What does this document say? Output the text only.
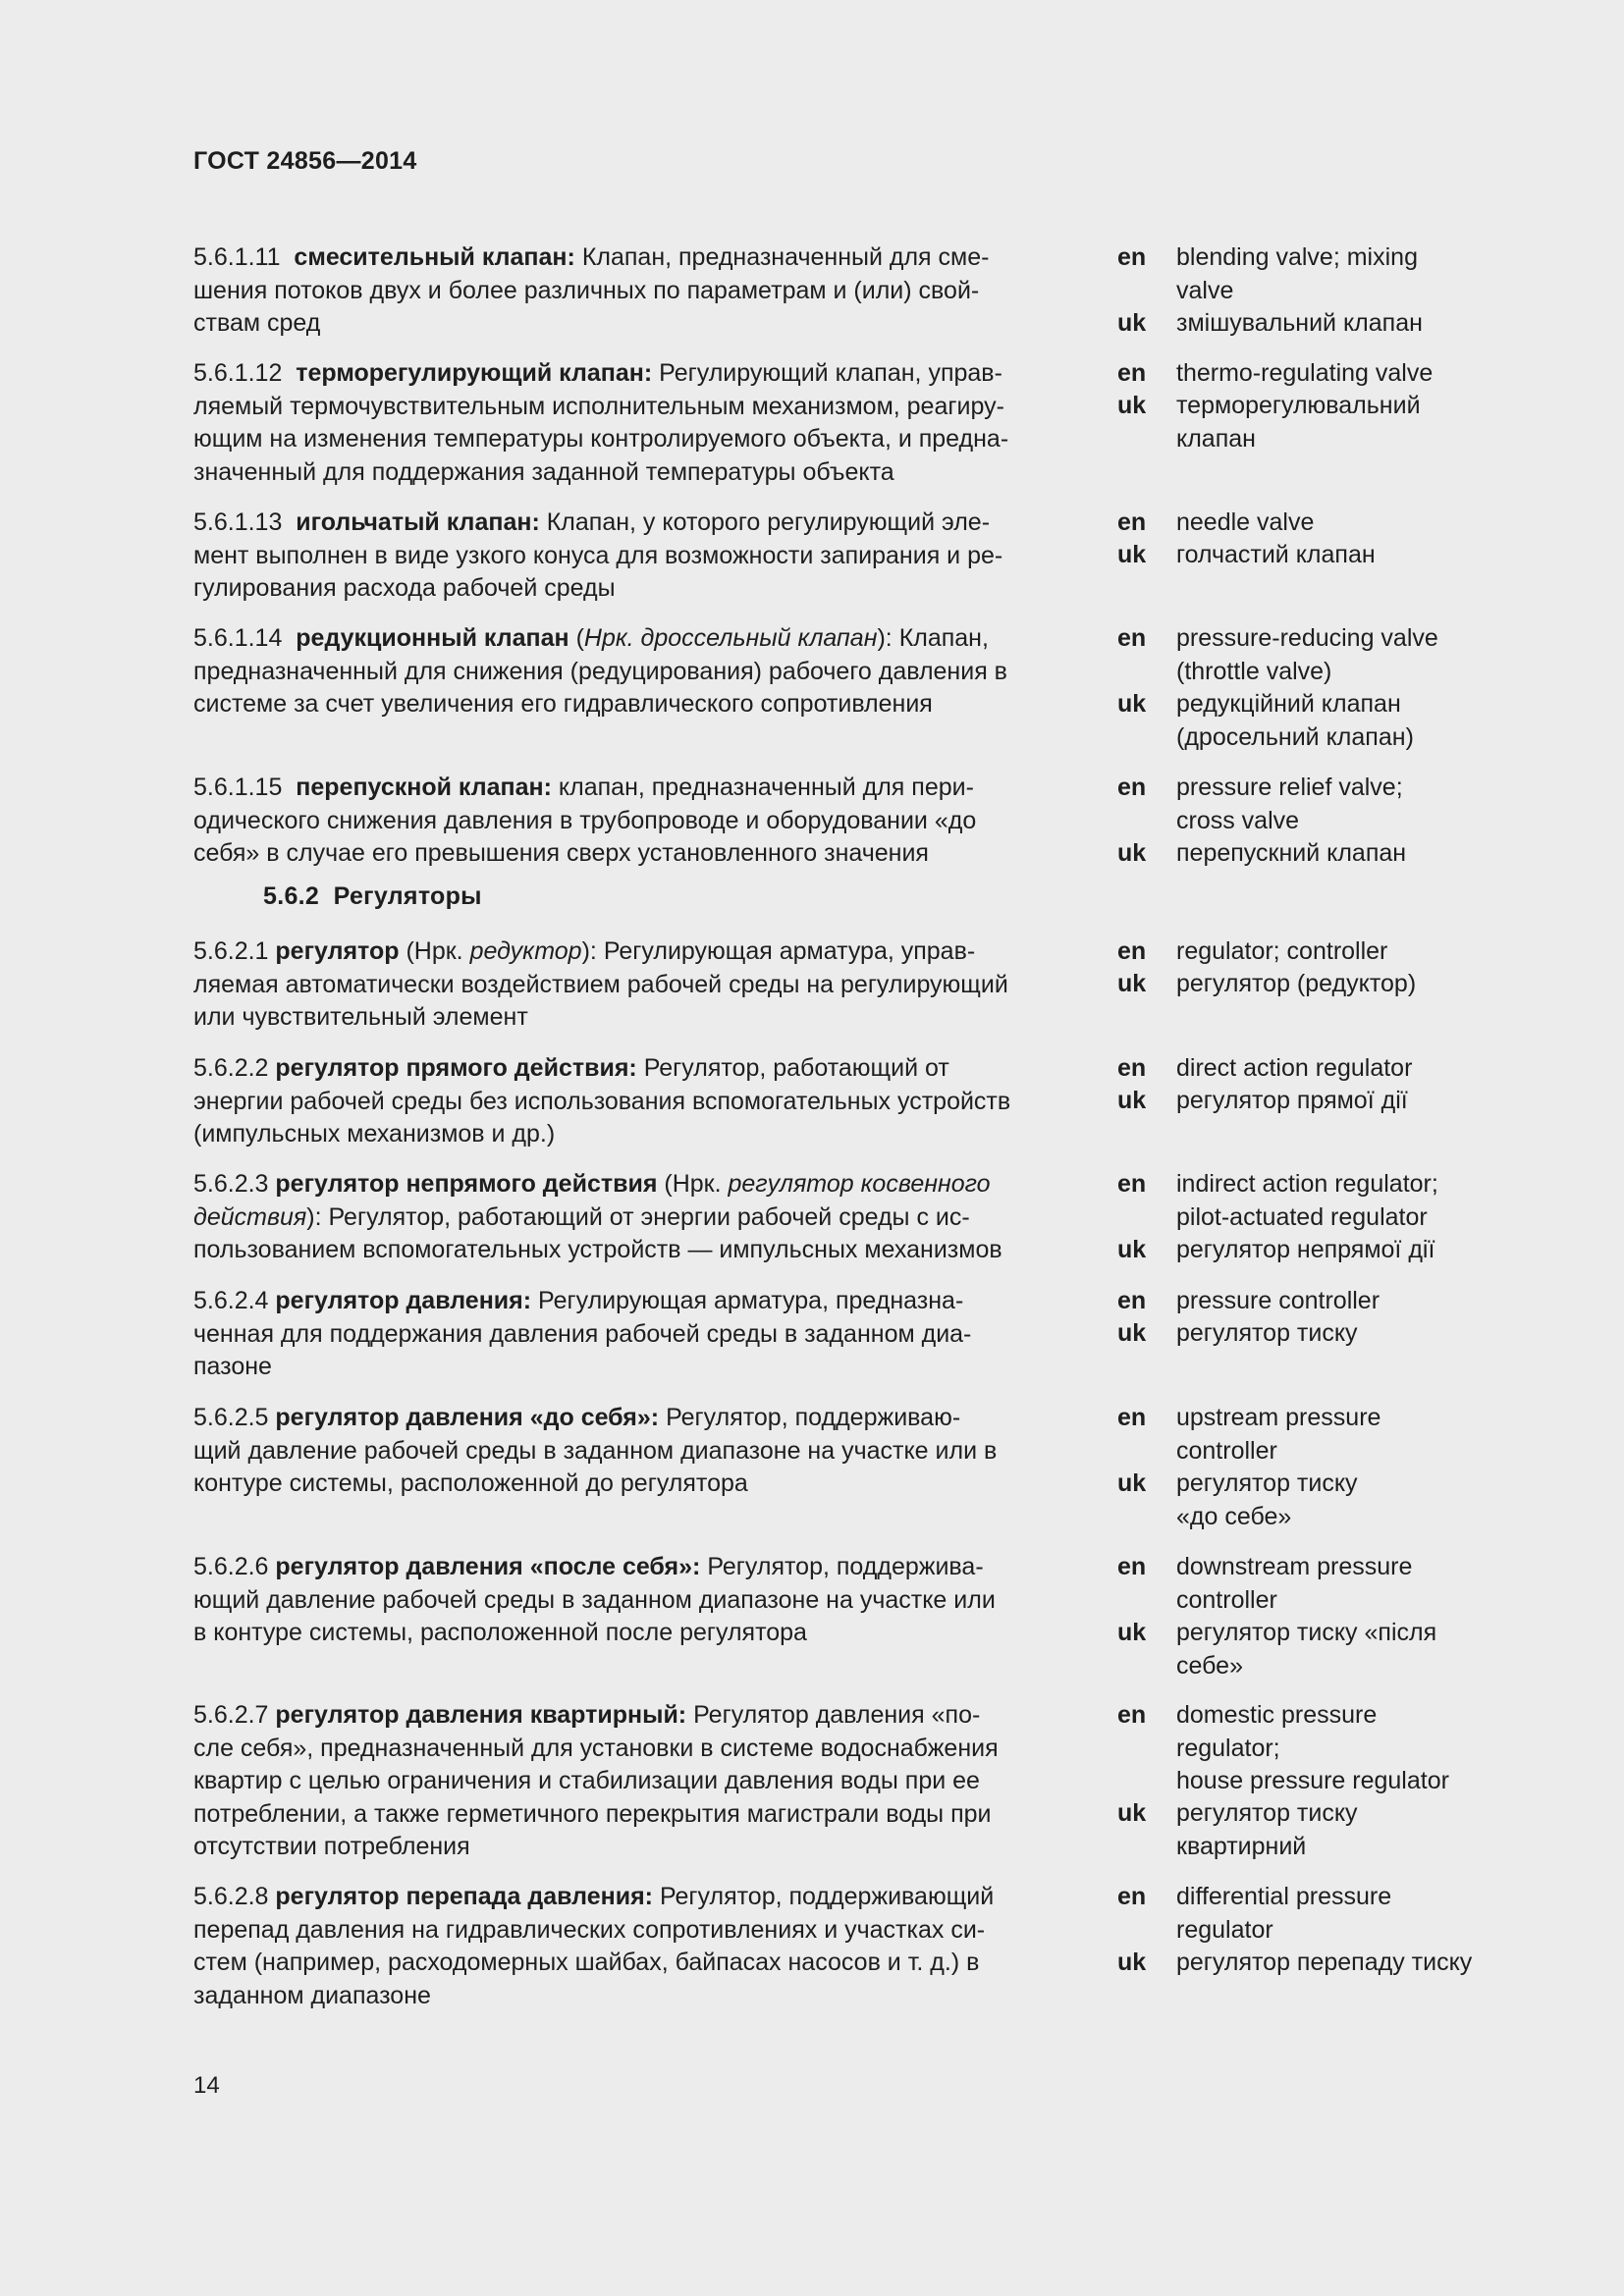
ГОСТ 24856—2014
5.6.1.11 смесительный клапан: Клапан, предназначенный для сме-
шения потоков двух и более различных по параметрам и (или) свой-
ствам сред
en	blending valve; mixing
valve
uk	змішувальний клапан
5.6.1.12 терморегулирующий клапан: Регулирующий клапан, управ-
ляемый термочувствительным исполнительным механизмом, реагиру-
ющим на изменения температуры контролируемого объекта, и предна-
значенный для поддержания заданной температуры объекта
en	thermo-regulating valve
uk	терморегулювальний
клапан
5.6.1.13 игольчатый клапан: Клапан, у которого регулирующий эле-
мент выполнен в виде узкого конуса для возможности запирания и ре-
гулирования расхода рабочей среды
en	needle valve
uk	голчастий клапан
5.6.1.14 редукционный клапан (Нрк. дроссельный клапан): Клапан,
предназначенный для снижения (редуцирования) рабочего давления в
системе за счет увеличения его гидравлического сопротивления
en	pressure-reducing valve
(throttle valve)
uk	редукційний клапан
(дросельний клапан)
5.6.1.15 перепускной клапан: клапан, предназначенный для пери-
одического снижения давления в трубопроводе и оборудовании «до
себя» в случае его превышения сверх установленного значения
en	pressure relief valve;
cross valve
uk	перепускний клапан
5.6.2 Регуляторы
5.6.2.1 регулятор (Нрк. редуктор): Регулирующая арматура, управ-
ляемая автоматически воздействием рабочей среды на регулирующий
или чувствительный элемент
en	regulator; controller
uk	регулятор (редуктор)
5.6.2.2 регулятор прямого действия: Регулятор, работающий от
энергии рабочей среды без использования вспомогательных устройств
(импульсных механизмов и др.)
en	direct action regulator
uk	регулятор прямої дії
5.6.2.3 регулятор непрямого действия (Нрк. регулятор косвенного
действия): Регулятор, работающий от энергии рабочей среды с ис-
пользованием вспомогательных устройств — импульсных механизмов
en	indirect action regulator;
pilot-actuated regulator
uk	регулятор непрямої дії
5.6.2.4 регулятор давления: Регулирующая арматура, предназна-
ченная для поддержания давления рабочей среды в заданном диа-
пазоне
en	pressure controller
uk	регулятор тиску
5.6.2.5 регулятор давления «до себя»: Регулятор, поддерживаю-
щий давление рабочей среды в заданном диапазоне на участке или в
контуре системы, расположенной до регулятора
en	upstream pressure
controller
uk	регулятор тиску
«до себе»
5.6.2.6 регулятор давления «после себя»: Регулятор, поддержива-
ющий давление рабочей среды в заданном диапазоне на участке или
в контуре системы, расположенной после регулятора
en	downstream pressure
controller
uk	регулятор тиску «після
себе»
5.6.2.7 регулятор давления квартирный: Регулятор давления «по-
сле себя», предназначенный для установки в системе водоснабжения
квартир с целью ограничения и стабилизации давления воды при ее
потреблении, а также герметичного перекрытия магистрали воды при
отсутствии потребления
en	domestic pressure
regulator;
house pressure regulator
uk	регулятор тиску
квартирний
5.6.2.8 регулятор перепада давления: Регулятор, поддерживающий
перепад давления на гидравлических сопротивлениях и участках си-
стем (например, расходомерных шайбах, байпасах насосов и т. д.) в
заданном диапазоне
en	differential pressure
regulator
uk	регулятор перепаду тиску
14
